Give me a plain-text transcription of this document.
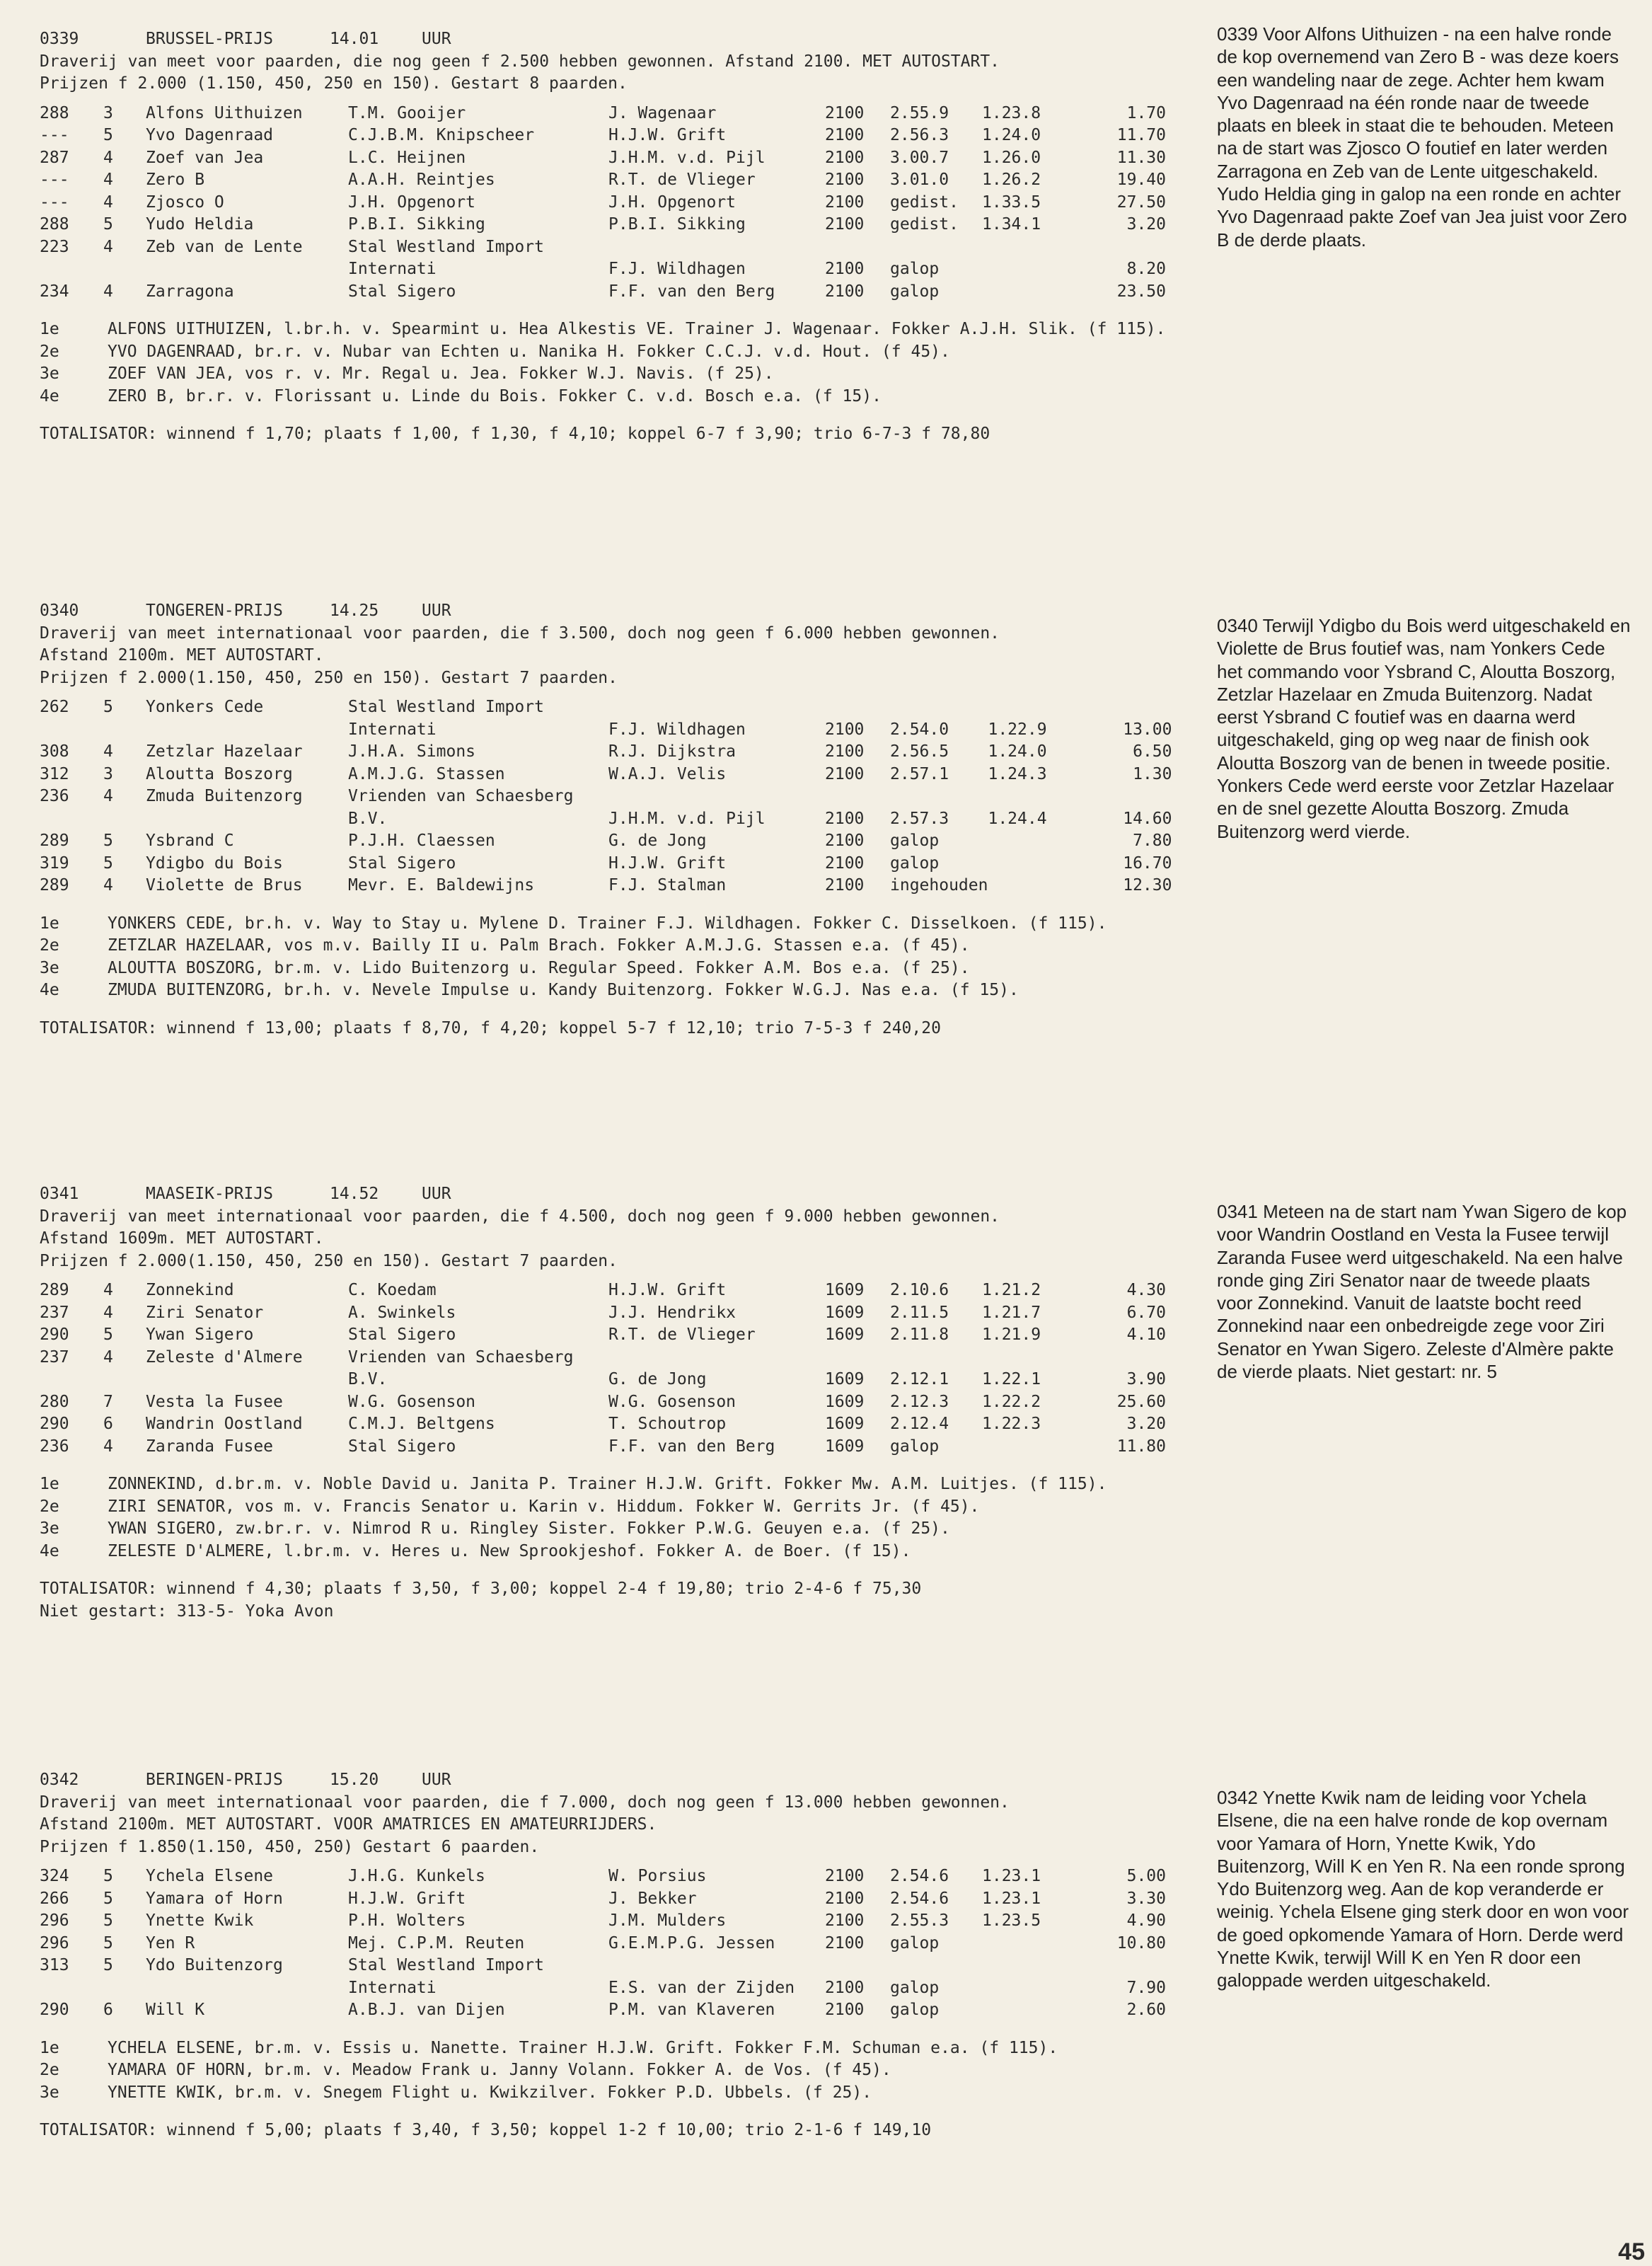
0339	BRUSSEL-PRIJS	14.01	UUR
Draverij van meet voor paarden, die nog geen f 2.500 hebben gewonnen. Afstand 2100. MET AUTOSTART.
Prijzen f 2.000 (1.150, 450, 250 en 150). Gestart 8 paarden.
288	3	Alfons Uithuizen	T.M. Gooijer	J. Wagenaar	2100	2.55.9	1.23.8	1.70
---	5	Yvo Dagenraad	C.J.B.M. Knipscheer	H.J.W. Grift	2100	2.56.3	1.24.0	11.70
287	4	Zoef van Jea	L.C. Heijnen	J.H.M. v.d. Pijl	2100	3.00.7	1.26.0	11.30
---	4	Zero B	A.A.H. Reintjes	R.T. de Vlieger	2100	3.01.0	1.26.2	19.40
---	4	Zjosco O	J.H. Opgenort	J.H. Opgenort	2100	gedist.	1.33.5	27.50
288	5	Yudo Heldia	P.B.I. Sikking	P.B.I. Sikking	2100	gedist.	1.34.1	3.20
223	4	Zeb van de Lente	Stal Westland Import					
			Internati	F.J. Wildhagen	2100	galop		8.20
234	4	Zarragona	Stal Sigero	F.F. van den Berg	2100	galop		23.50
1e	ALFONS UITHUIZEN, l.br.h. v. Spearmint u. Hea Alkestis VE. Trainer J. Wagenaar. Fokker A.J.H. Slik. (f 115).
2e	YVO DAGENRAAD, br.r. v. Nubar van Echten u. Nanika H. Fokker C.C.J. v.d. Hout. (f 45).
3e	ZOEF VAN JEA, vos r. v. Mr. Regal u. Jea. Fokker W.J. Navis. (f 25).
4e	ZERO B, br.r. v. Florissant u. Linde du Bois. Fokker C. v.d. Bosch e.a. (f 15).
TOTALISATOR: winnend f 1,70; plaats f 1,00, f 1,30, f 4,10; koppel 6-7 f 3,90; trio 6-7-3 f 78,80
0339 Voor Alfons Uithuizen - na een halve ronde de kop overnemend van Zero B - was deze koers een wandeling naar de zege. Achter hem kwam Yvo Dagenraad na één ronde naar de tweede plaats en bleek in staat die te behouden. Meteen na de start was Zjosco O foutief en later werden Zarragona en Zeb van de Lente uitgeschakeld. Yudo Heldia ging in galop na een ronde en achter Yvo Dagenraad pakte Zoef van Jea juist voor Zero B de derde plaats.
0340	TONGEREN-PRIJS	14.25	UUR
Draverij van meet internationaal voor paarden, die f 3.500, doch nog geen f 6.000 hebben gewonnen.
Afstand 2100m. MET AUTOSTART.
Prijzen f 2.000(1.150, 450, 250 en 150). Gestart 7 paarden.
262	5	Yonkers Cede	Stal Westland Import					
			Internati	F.J. Wildhagen	2100	2.54.0	1.22.9	13.00
308	4	Zetzlar Hazelaar	J.H.A. Simons	R.J. Dijkstra	2100	2.56.5	1.24.0	6.50
312	3	Aloutta Boszorg	A.M.J.G. Stassen	W.A.J. Velis	2100	2.57.1	1.24.3	1.30
236	4	Zmuda Buitenzorg	Vrienden van Schaesberg					
			B.V.	J.H.M. v.d. Pijl	2100	2.57.3	1.24.4	14.60
289	5	Ysbrand C	P.J.H. Claessen	G. de Jong	2100	galop		7.80
319	5	Ydigbo du Bois	Stal Sigero	H.J.W. Grift	2100	galop		16.70
289	4	Violette de Brus	Mevr. E. Baldewijns	F.J. Stalman	2100	ingehouden		12.30
1e	YONKERS CEDE, br.h. v. Way to Stay u. Mylene D. Trainer F.J. Wildhagen. Fokker C. Disselkoen. (f 115).
2e	ZETZLAR HAZELAAR, vos m.v. Bailly II u. Palm Brach. Fokker A.M.J.G. Stassen e.a. (f 45).
3e	ALOUTTA BOSZORG, br.m. v. Lido Buitenzorg u. Regular Speed. Fokker A.M. Bos e.a. (f 25).
4e	ZMUDA BUITENZORG, br.h. v. Nevele Impulse u. Kandy Buitenzorg. Fokker W.G.J. Nas e.a. (f 15).
TOTALISATOR: winnend f 13,00; plaats f 8,70, f 4,20; koppel 5-7 f 12,10; trio 7-5-3 f 240,20
0340 Terwijl Ydigbo du Bois werd uitgeschakeld en Violette de Brus foutief was, nam Yonkers Cede het commando voor Ysbrand C, Aloutta Boszorg, Zetzlar Hazelaar en Zmuda Buitenzorg. Nadat eerst Ysbrand C foutief was en daarna werd uitgeschakeld, ging op weg naar de finish ook Aloutta Boszorg van de benen in tweede positie. Yonkers Cede werd eerste voor Zetzlar Hazelaar en de snel gezette Aloutta Boszorg. Zmuda Buitenzorg werd vierde.
0341	MAASEIK-PRIJS	14.52	UUR
Draverij van meet internationaal voor paarden, die f 4.500, doch nog geen f 9.000 hebben gewonnen.
Afstand 1609m. MET AUTOSTART.
Prijzen f 2.000(1.150, 450, 250 en 150). Gestart 7 paarden.
289	4	Zonnekind	C. Koedam	H.J.W. Grift	1609	2.10.6	1.21.2	4.30
237	4	Ziri Senator	A. Swinkels	J.J. Hendrikx	1609	2.11.5	1.21.7	6.70
290	5	Ywan Sigero	Stal Sigero	R.T. de Vlieger	1609	2.11.8	1.21.9	4.10
237	4	Zeleste d'Almere	Vrienden van Schaesberg					
			B.V.	G. de Jong	1609	2.12.1	1.22.1	3.90
280	7	Vesta la Fusee	W.G. Gosenson	W.G. Gosenson	1609	2.12.3	1.22.2	25.60
290	6	Wandrin Oostland	C.M.J. Beltgens	T. Schoutrop	1609	2.12.4	1.22.3	3.20
236	4	Zaranda Fusee	Stal Sigero	F.F. van den Berg	1609	galop		11.80
1e	ZONNEKIND, d.br.m. v. Noble David u. Janita P. Trainer H.J.W. Grift. Fokker Mw. A.M. Luitjes. (f 115).
2e	ZIRI SENATOR, vos m. v. Francis Senator u. Karin v. Hiddum. Fokker W. Gerrits Jr. (f 45).
3e	YWAN SIGERO, zw.br.r. v. Nimrod R u. Ringley Sister. Fokker P.W.G. Geuyen e.a. (f 25).
4e	ZELESTE D'ALMERE, l.br.m. v. Heres u. New Sprookjeshof. Fokker A. de Boer. (f 15).
TOTALISATOR: winnend f 4,30; plaats f 3,50, f 3,00; koppel 2-4 f 19,80; trio 2-4-6 f 75,30
Niet gestart: 313-5- Yoka Avon
0341 Meteen na de start nam Ywan Sigero de kop voor Wandrin Oostland en Vesta la Fusee terwijl Zaranda Fusee werd uitgeschakeld. Na een halve ronde ging Ziri Senator naar de tweede plaats voor Zonnekind. Vanuit de laatste bocht reed Zonnekind naar een onbedreigde zege voor Ziri Senator en Ywan Sigero. Zeleste d'Almère pakte de vierde plaats. Niet gestart: nr. 5
0342	BERINGEN-PRIJS	15.20	UUR
Draverij van meet internationaal voor paarden, die f 7.000, doch nog geen f 13.000 hebben gewonnen.
Afstand 2100m. MET AUTOSTART. VOOR AMATRICES EN AMATEURRIJDERS.
Prijzen f 1.850(1.150, 450, 250) Gestart 6 paarden.
324	5	Ychela Elsene	J.H.G. Kunkels	W. Porsius	2100	2.54.6	1.23.1	5.00
266	5	Yamara of Horn	H.J.W. Grift	J. Bekker	2100	2.54.6	1.23.1	3.30
296	5	Ynette Kwik	P.H. Wolters	J.M. Mulders	2100	2.55.3	1.23.5	4.90
296	5	Yen R	Mej. C.P.M. Reuten	G.E.M.P.G. Jessen	2100	galop		10.80
313	5	Ydo Buitenzorg	Stal Westland Import					
			Internati	E.S. van der Zijden	2100	galop		7.90
290	6	Will K	A.B.J. van Dijen	P.M. van Klaveren	2100	galop		2.60
1e	YCHELA ELSENE, br.m. v. Essis u. Nanette. Trainer H.J.W. Grift. Fokker F.M. Schuman e.a. (f 115).
2e	YAMARA OF HORN, br.m. v. Meadow Frank u. Janny Volann. Fokker A. de Vos. (f 45).
3e	YNETTE KWIK, br.m. v. Snegem Flight u. Kwikzilver. Fokker P.D. Ubbels. (f 25).
TOTALISATOR: winnend f 5,00; plaats f 3,40, f 3,50; koppel 1-2 f 10,00; trio 2-1-6 f 149,10
0342 Ynette Kwik nam de leiding voor Ychela Elsene, die na een halve ronde de kop overnam voor Yamara of Horn, Ynette Kwik, Ydo Buitenzorg, Will K en Yen R. Na een ronde sprong Ydo Buitenzorg weg. Aan de kop veranderde er weinig. Ychela Elsene ging sterk door en won voor de goed opkomende Yamara of Horn. Derde werd Ynette Kwik, terwijl Will K en Yen R door een galoppade werden uitgeschakeld.
45
